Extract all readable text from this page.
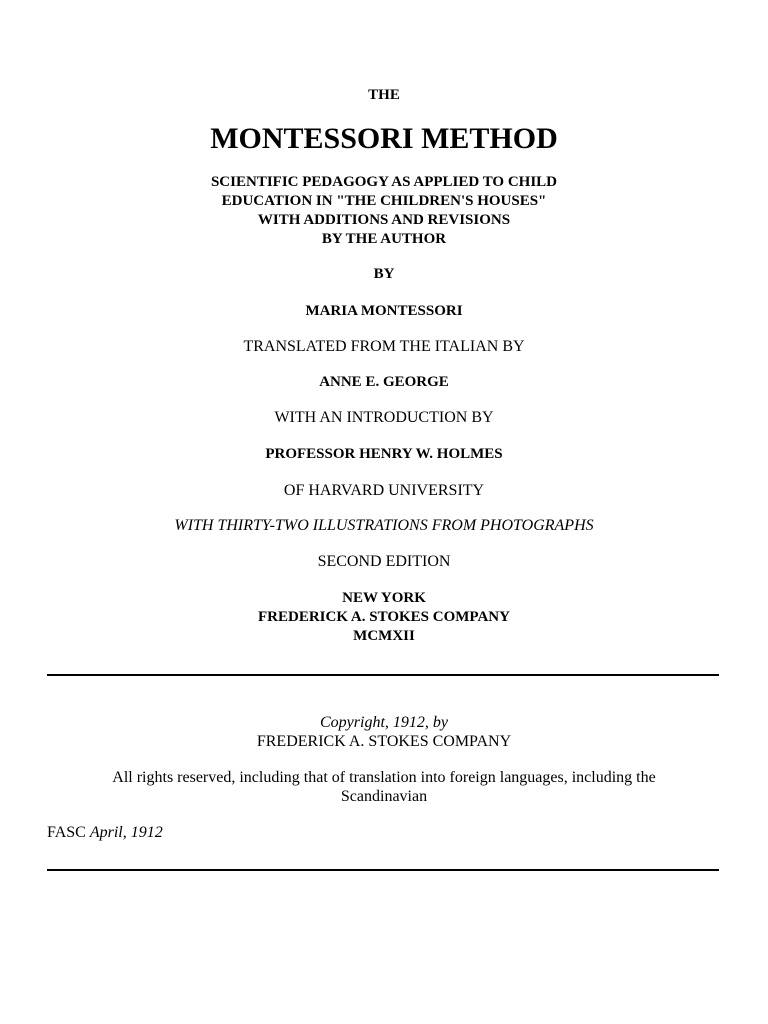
THE

MONTESSORI METHOD

SCIENTIFIC PEDAGOGY AS APPLIED TO CHILD

EDUCATION IN "THE CHILDREN'S HOUSES"

WITH ADDITIONS AND REVISIONS

BY THE AUTHOR

BY

MARIA MONTESSORI

TRANSLATED FROM THE ITALIAN BY

ANNE E. GEORGE

WITH AN INTRODUCTION BY

PROFESSOR HENRY W. HOLMES

OF HARVARD UNIVERSITY

WITH THIRTY-TWO ILLUSTRATIONS FROM PHOTOGRAPHS

SECOND EDITION

NEW YORK

FREDERICK A. STOKES COMPANY

MCMXII

Copyright, 1912, by

FREDERICK A. STOKES COMPANY

All rights reserved, including that of translation into foreign languages, including the

Scandinavian

FASC April, 1912
